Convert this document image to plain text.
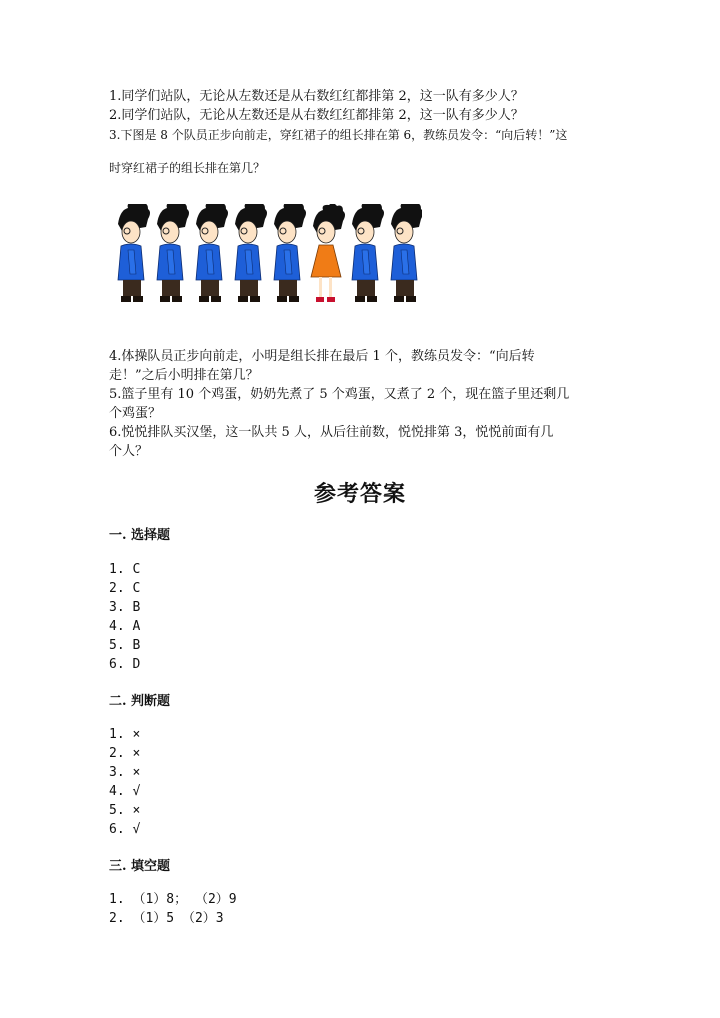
1.同学们站队，无论从左数还是从右数红红都排第 2，这一队有多少人？
2.同学们站队，无论从左数还是从右数红红都排第 2，这一队有多少人？
3.下图是 8 个队员正步向前走，穿红裙子的组长排在第 6，教练员发令：“向后转！”这
时穿红裙子的组长排在第几？
4.体操队员正步向前走，小明是组长排在最后 1 个，教练员发令：“向后转
走！”之后小明排在第几？
5.篮子里有 10 个鸡蛋，奶奶先煮了 5 个鸡蛋，又煮了 2 个，现在篮子里还剩几
个鸡蛋？
6.悦悦排队买汉堡，这一队共 5 人，从后往前数，悦悦排第 3，悦悦前面有几
个人？
参考答案
一. 选择题
1. C
2. C
3. B
4. A
5. B
6. D
二. 判断题
1. ×
2. ×
3. ×
4. √
5. ×
6. √
三. 填空题
1. （1）8； （2）9
2. （1）5 （2）3
